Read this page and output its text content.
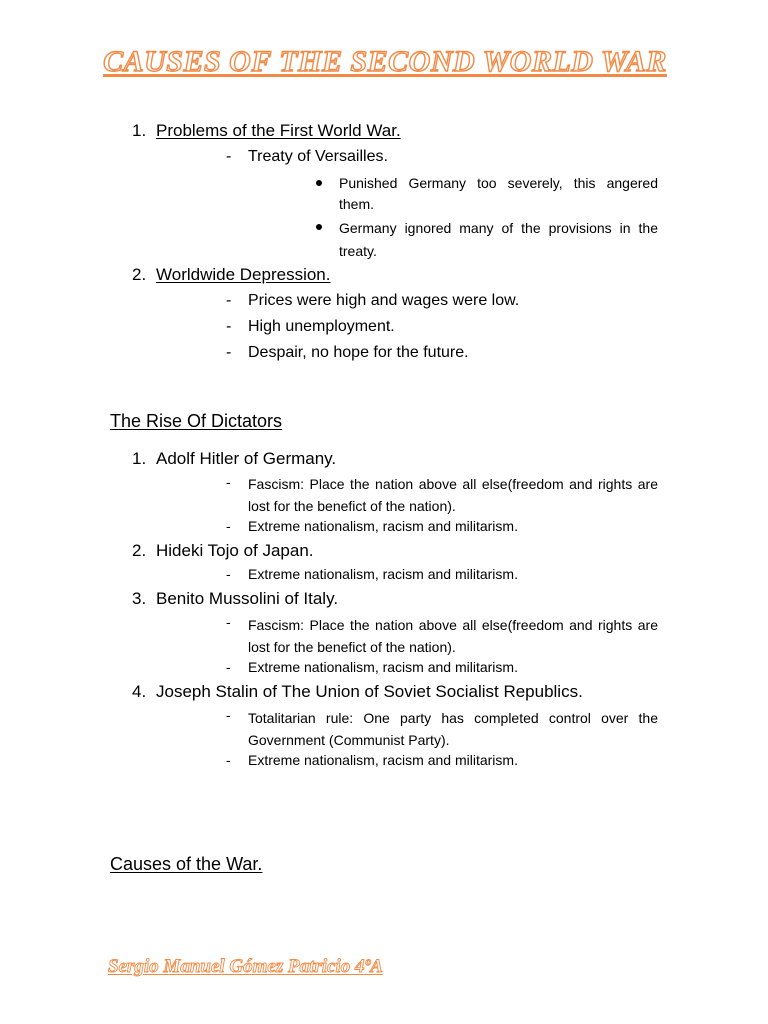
CAUSES OF THE SECOND WORLD WAR
1. Problems of the First World War.
- Treaty of Versailles.
Punished Germany too severely, this angered them.
Germany ignored many of the provisions in the treaty.
2. Worldwide Depression.
- Prices were high and wages were low.
- High unemployment.
- Despair, no hope for the future.
The Rise Of Dictators
1. Adolf Hitler of Germany.
- Fascism: Place the nation above all else(freedom and rights are lost for the benefict of the nation).
- Extreme nationalism, racism and militarism.
2. Hideki Tojo of Japan.
- Extreme nationalism, racism and militarism.
3. Benito Mussolini of Italy.
- Fascism: Place the nation above all else(freedom and rights are lost for the benefict of the nation).
- Extreme nationalism, racism and militarism.
4. Joseph Stalin of The Union of Soviet Socialist Republics.
- Totalitarian rule: One party has completed control over the Government (Communist Party).
- Extreme nationalism, racism and militarism.
Causes of the War.
Sergio Manuel Gómez Patricio 4ºA
